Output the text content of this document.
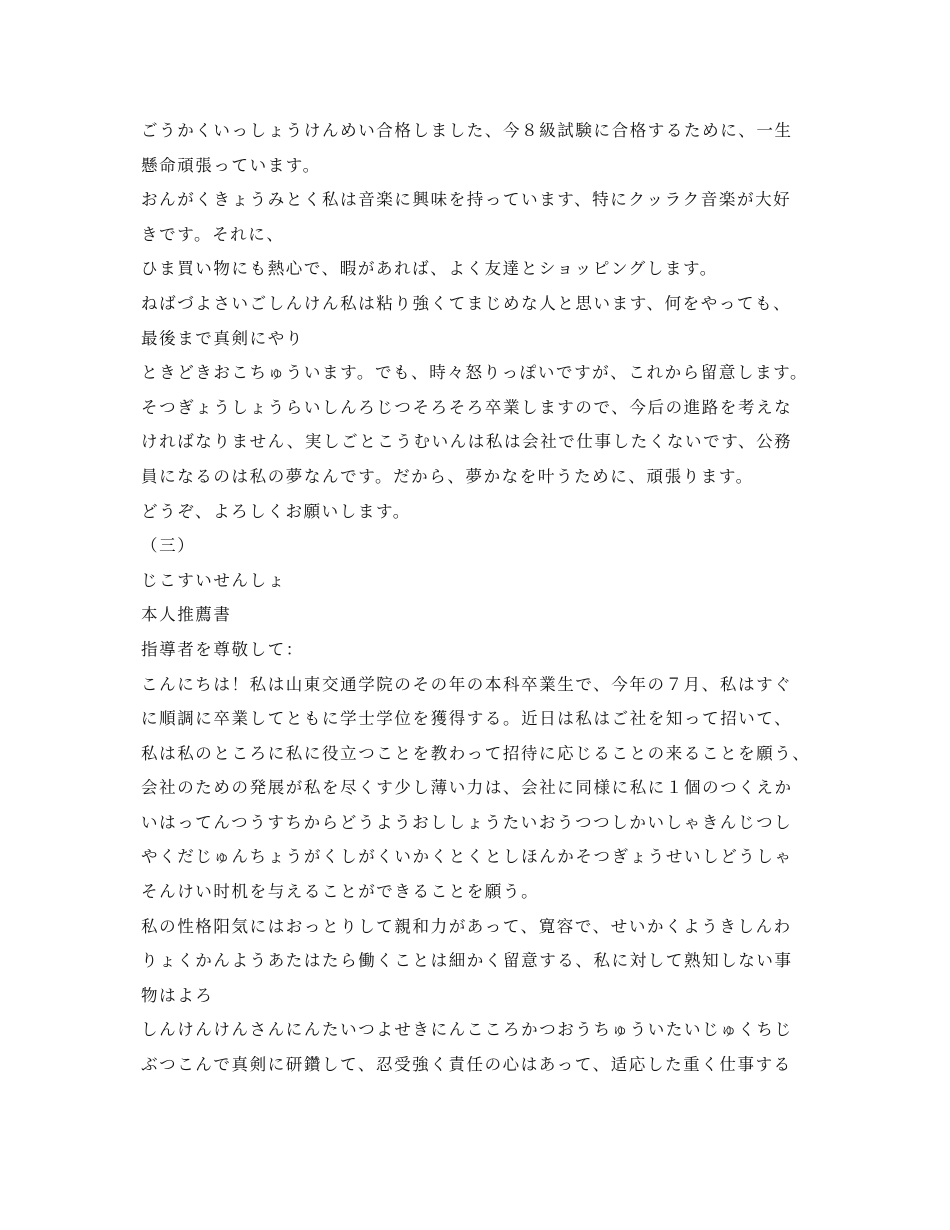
ごうかくいっしょうけんめい合格しました、今８級試験に合格するために、一生
懸命頑張っています。
おんがくきょうみとく私は音楽に興味を持っています、特にクッラク音楽が大好
きです。それに、
ひま買い物にも熱心で、暇があれば、よく友達とショッピングします。
ねばづよさいごしんけん私は粘り強くてまじめな人と思います、何をやっても、
最後まで真剣にやり
ときどきおこちゅういます。でも、時々怒りっぽいですが、これから留意します。
そつぎょうしょうらいしんろじつそろそろ卒業しますので、今后の進路を考えな
ければなりません、実しごとこうむいんは私は会社で仕事したくないです、公務
員になるのは私の夢なんです。だから、夢かなを叶うために、頑張ります。
どうぞ、よろしくお願いします。
（三）
じこすいせんしょ
本人推薦書
指導者を尊敬して：
こんにちは！私は山東交通学院のその年の本科卒業生で、今年の７月、私はすぐ
に順調に卒業してともに学士学位を獲得する。近日は私はご社を知って招いて、
私は私のところに私に役立つことを教わって招待に応じることの来ることを願う、
会社のための発展が私を尽くす少し薄い力は、会社に同様に私に１個のつくえか
いはってんつうすちからどうようおししょうたいおうつつしかいしゃきんじつし
やくだじゅんちょうがくしがくいかくとくとしほんかそつぎょうせいしどうしゃ
そんけい时机を与えることができることを願う。
私の性格阳気にはおっとりして親和力があって、寛容で、せいかくようきしんわ
りょくかんようあたはたら働くことは細かく留意する、私に対して熟知しない事
物はよろ
しんけんけんさんにんたいつよせきにんこころかつおうちゅういたいじゅくちじ
ぶつこんで真剣に研鑽して、忍受強く責任の心はあって、适応した重く仕事する
